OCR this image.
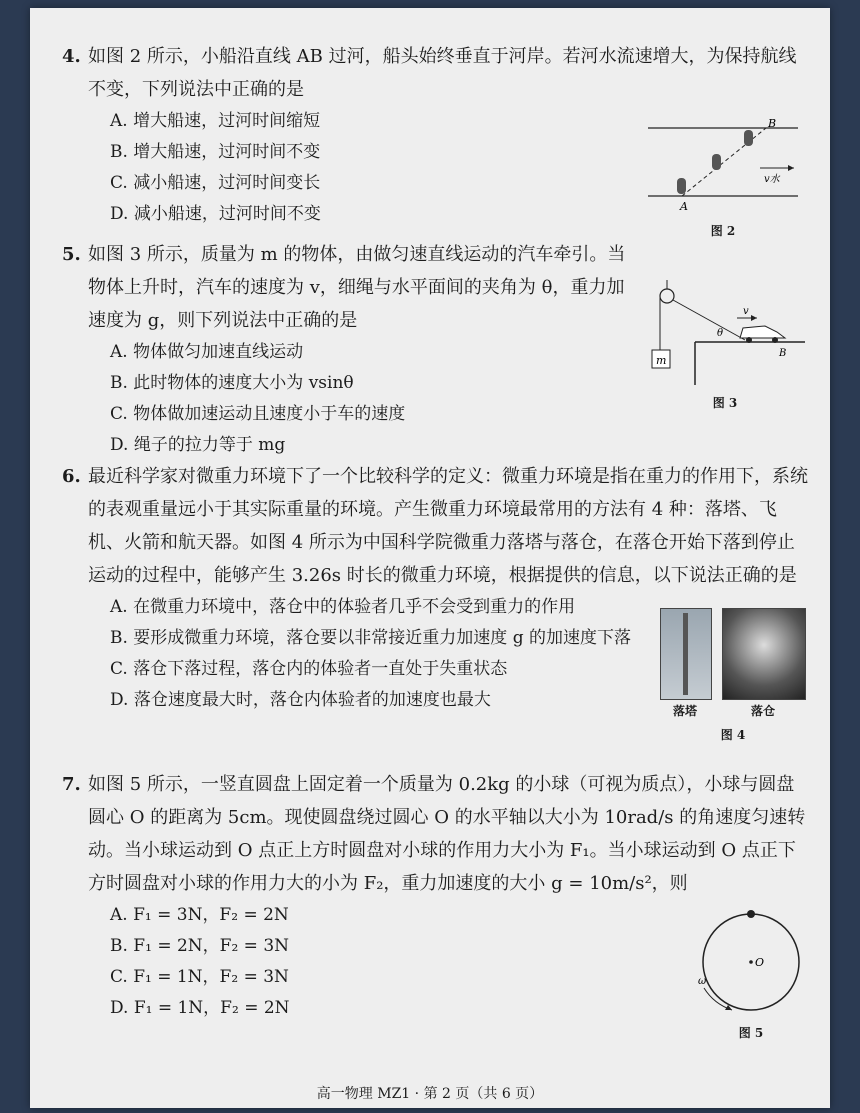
4. 如图 2 所示，小船沿直线 AB 过河，船头始终垂直于河岸。若河水流速增大，为保持航线不变，下列说法中正确的是

A. 增大船速，过河时间缩短
B. 增大船速，过河时间不变
C. 减小船速，过河时间变长
D. 减小船速，过河时间不变	A
B
v水
图 2
5. 如图 3 所示，质量为 m 的物体，由做匀速直线运动的汽车牵引。当物体上升时，汽车的速度为 v，细绳与水平面间的夹角为 θ，重力加速度为 g，则下列说法中正确的是

A. 物体做匀加速直线运动
B. 此时物体的速度大小为 vsinθ
C. 物体做加速运动且速度小于车的速度
D. 绳子的拉力等于 mg
m
v
θ
B
图 3
6. 最近科学家对微重力环境下了一个比较科学的定义：微重力环境是指在重力的作用下，系统的表观重量远小于其实际重量的环境。产生微重力环境最常用的方法有 4 种：落塔、飞机、火箭和航天器。如图 4 所示为中国科学院微重力落塔与落仓，在落仓开始下落到停止运动的过程中，能够产生 3.26s 时长的微重力环境，根据提供的信息，以下说法正确的是

A. 在微重力环境中，落仓中的体验者几乎不会受到重力的作用
B. 要形成微重力环境，落仓要以非常接近重力加速度 g 的加速度下落
C. 落仓下落过程，落仓内的体验者一直处于失重状态
D. 落仓速度最大时，落仓内体验者的加速度也最大
落塔	落仓
图 4
7. 如图 5 所示，一竖直圆盘上固定着一个质量为 0.2kg 的小球（可视为质点），小球与圆盘圆心 O 的距离为 5cm。现使圆盘绕过圆心 O 的水平轴以大小为 10rad/s 的角速度匀速转动。当小球运动到 O 点正上方时圆盘对小球的作用力大小为 F₁。当小球运动到 O 点正下方时圆盘对小球的作用力大的小为 F₂，重力加速度的大小 g = 10m/s²，则

A. F₁ = 3N，F₂ = 2N
B. F₁ = 2N，F₂ = 3N
C. F₁ = 1N，F₂ = 3N
D. F₁ = 1N，F₂ = 2N
O
ω
图 5
高一物理 MZ1 · 第 2 页（共 6 页）
